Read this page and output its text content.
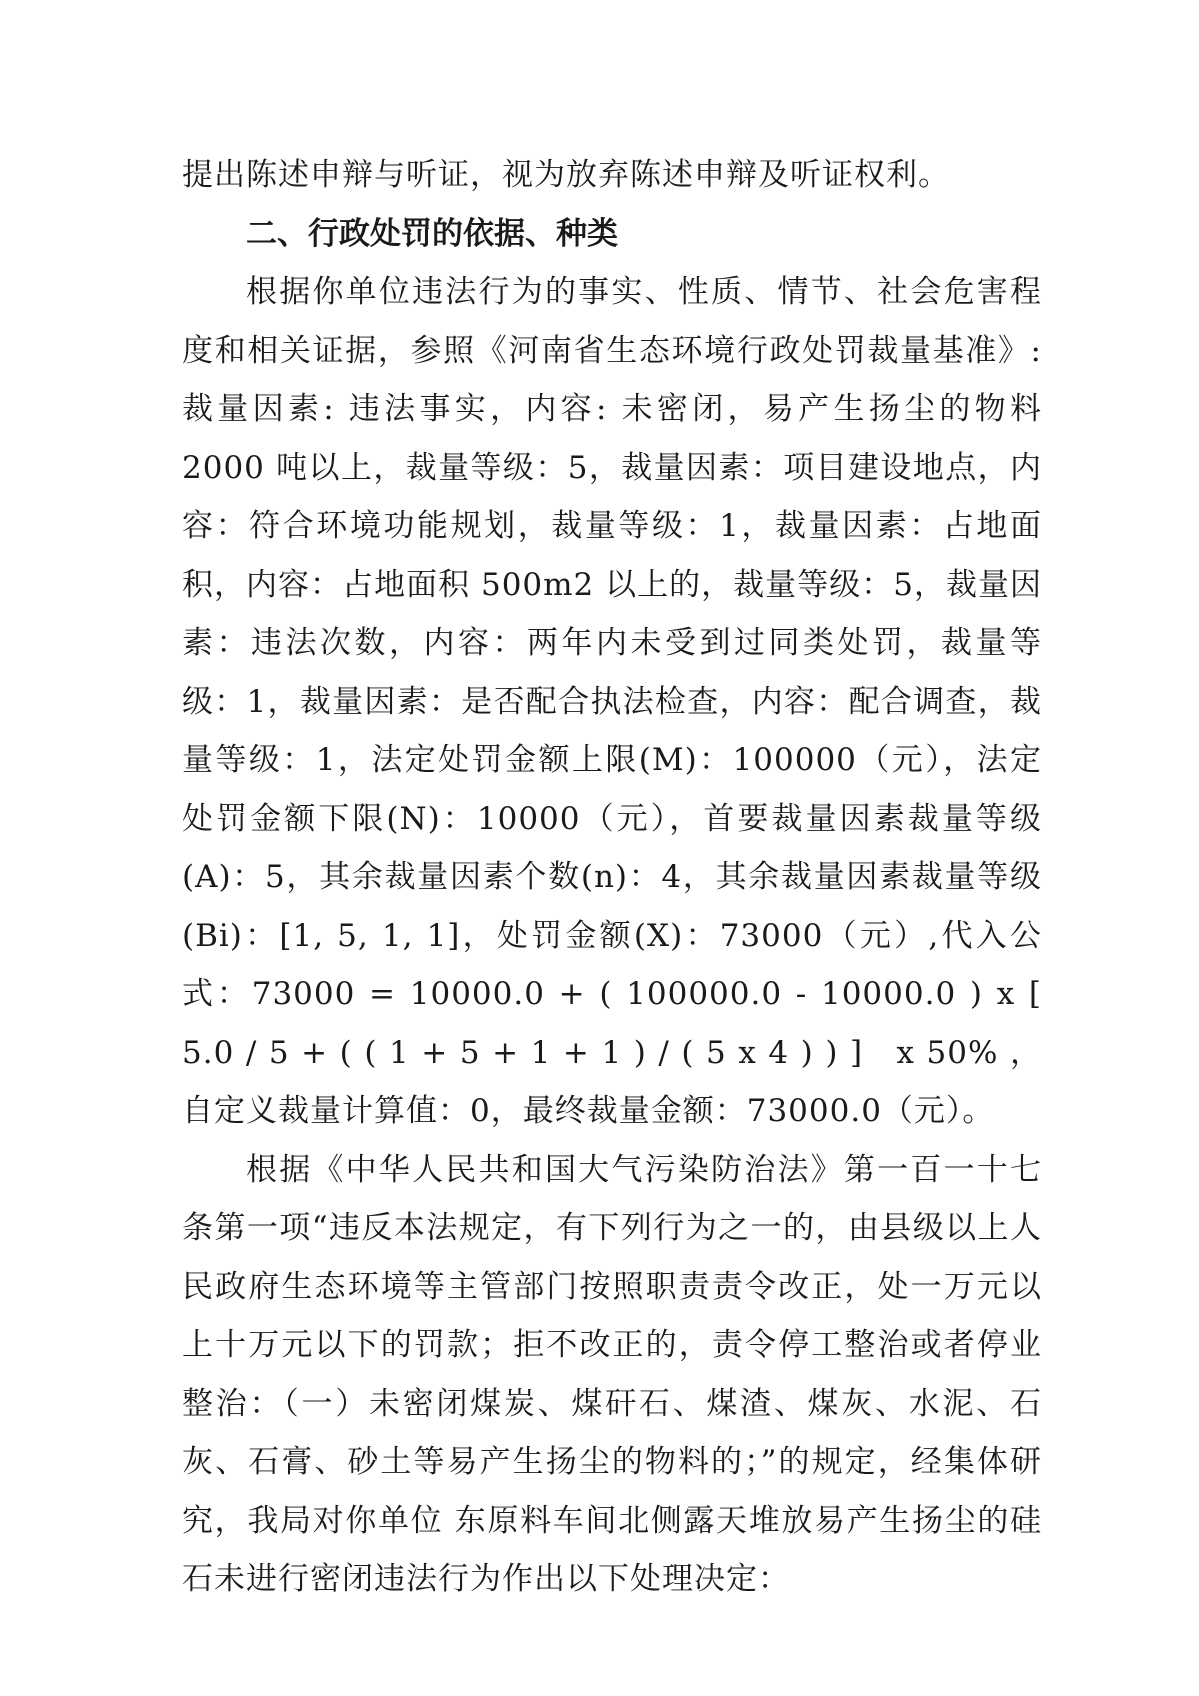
提出陈述申辩与听证，视为放弃陈述申辩及听证权利。

二、行政处罚的依据、种类

根据你单位违法行为的事实、性质、情节、社会危害程度和相关证据，参照《河南省生态环境行政处罚裁量基准》: 裁量因素: 违法事实，内容: 未密闭，易产生扬尘的物料 2000 吨以上，裁量等级：5，裁量因素：项目建设地点，内容：符合环境功能规划，裁量等级：1，裁量因素：占地面积，内容：占地面积 500m2 以上的，裁量等级：5，裁量因素：违法次数，内容：两年内未受到过同类处罚，裁量等级：1，裁量因素：是否配合执法检查，内容：配合调查，裁量等级：1，法定处罚金额上限(M)：100000（元），法定处罚金额下限(N)：10000（元），首要裁量因素裁量等级(A)：5，其余裁量因素个数(n)：4，其余裁量因素裁量等级(Bi)：[1, 5, 1, 1]，处罚金额(X)：73000（元）,代入公式：73000 = 10000.0 + ( 100000.0 - 10000.0 ) x [ 5.0 / 5 + ( ( 1 + 5 + 1 + 1 ) / ( 5 x 4 ) ) ]　x 50% ，自定义裁量计算值：0，最终裁量金额：73000.0（元）。

根据《中华人民共和国大气污染防治法》第一百一十七条第一项“违反本法规定，有下列行为之一的，由县级以上人民政府生态环境等主管部门按照职责责令改正，处一万元以上十万元以下的罚款；拒不改正的，责令停工整治或者停业整治：（一）未密闭煤炭、煤矸石、煤渣、煤灰、水泥、石灰、石膏、砂土等易产生扬尘的物料的；”的规定，经集体研究，我局对你单位 东原料车间北侧露天堆放易产生扬尘的硅石未进行密闭违法行为作出以下处理决定：
